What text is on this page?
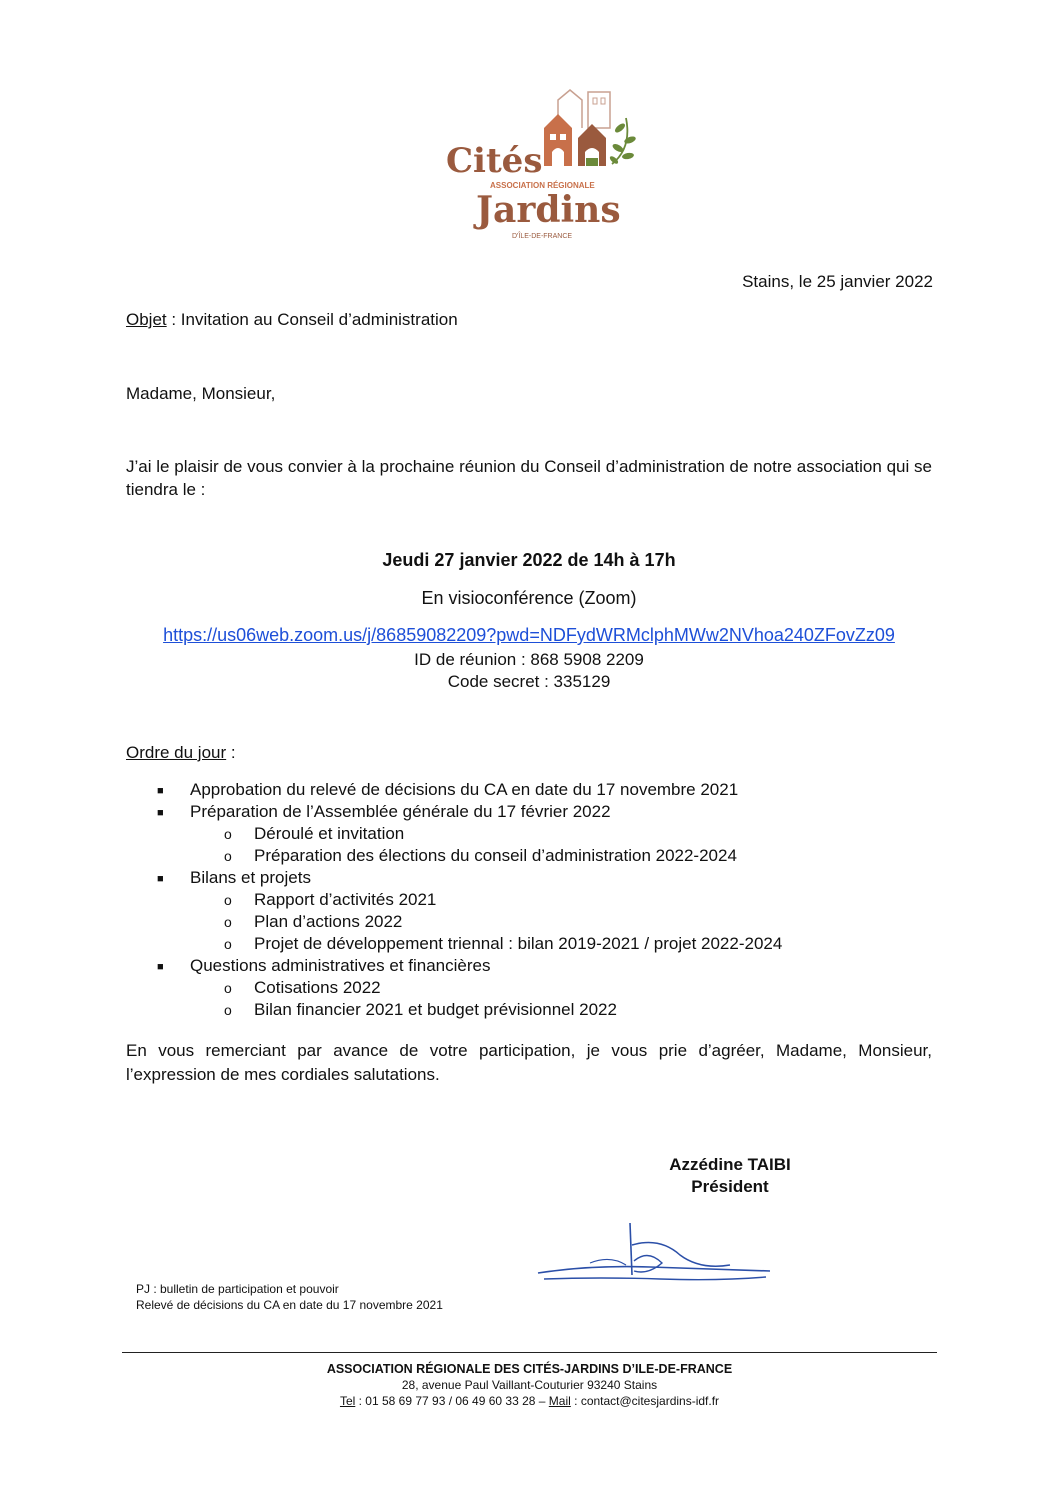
Cités
ASSOCIATION RÉGIONALE
Jardins
D'ÎLE-DE-FRANCE
Stains, le 25 janvier 2022
Objet : Invitation au Conseil d’administration
Madame, Monsieur,
J’ai le plaisir de vous convier à la prochaine réunion du Conseil d’administration de notre association qui se tiendra le :
Jeudi 27 janvier 2022 de 14h à 17h
En visioconférence (Zoom)
https://us06web.zoom.us/j/86859082209?pwd=NDFydWRMclphMWw2NVhoa240ZFovZz09
ID de réunion : 868 5908 2209
Code secret : 335129
Ordre du jour :
■ Approbation du relevé de décisions du CA en date du 17 novembre 2021
■ Préparation de l’Assemblée générale du 17 février 2022
o Déroulé et invitation
o Préparation des élections du conseil d’administration 2022-2024
■ Bilans et projets
o Rapport d’activités 2021
o Plan d’actions 2022
o Projet de développement triennal : bilan 2019-2021 / projet 2022-2024
■ Questions administratives et financières
o Cotisations 2022
o Bilan financier 2021 et budget prévisionnel 2022
En vous remerciant par avance de votre participation, je vous prie d’agréer, Madame, Monsieur, l’expression de mes cordiales salutations.
Azzédine TAIBI
Président
PJ : bulletin de participation et pouvoir
Relevé de décisions du CA en date du 17 novembre 2021
ASSOCIATION RÉGIONALE DES CITÉS-JARDINS D’ILE-DE-FRANCE
28, avenue Paul Vaillant-Couturier 93240 Stains
Tel : 01 58 69 77 93 / 06 49 60 33 28 – Mail : contact@citesjardins-idf.fr
